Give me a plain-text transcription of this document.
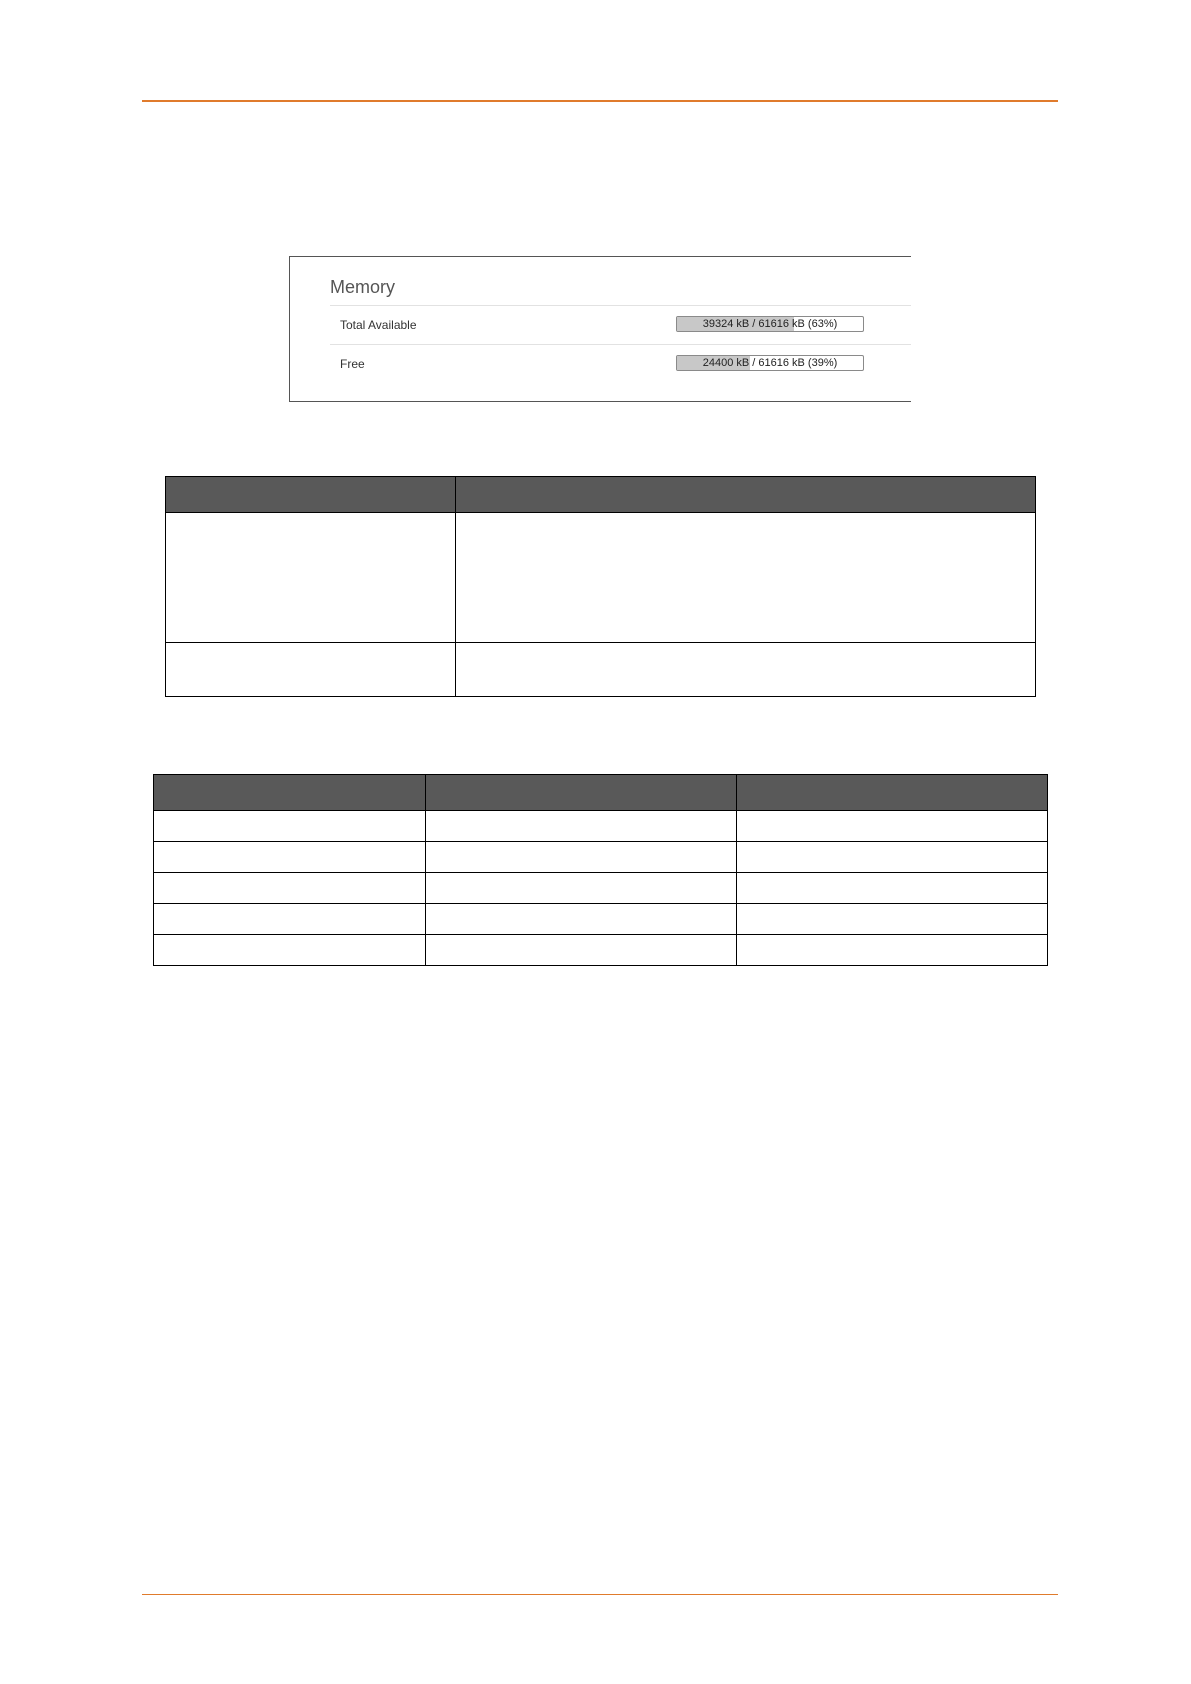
Memory
Total Available	39324 kB / 61616 kB (63%)
Free	24400 kB / 61616 kB (39%)
